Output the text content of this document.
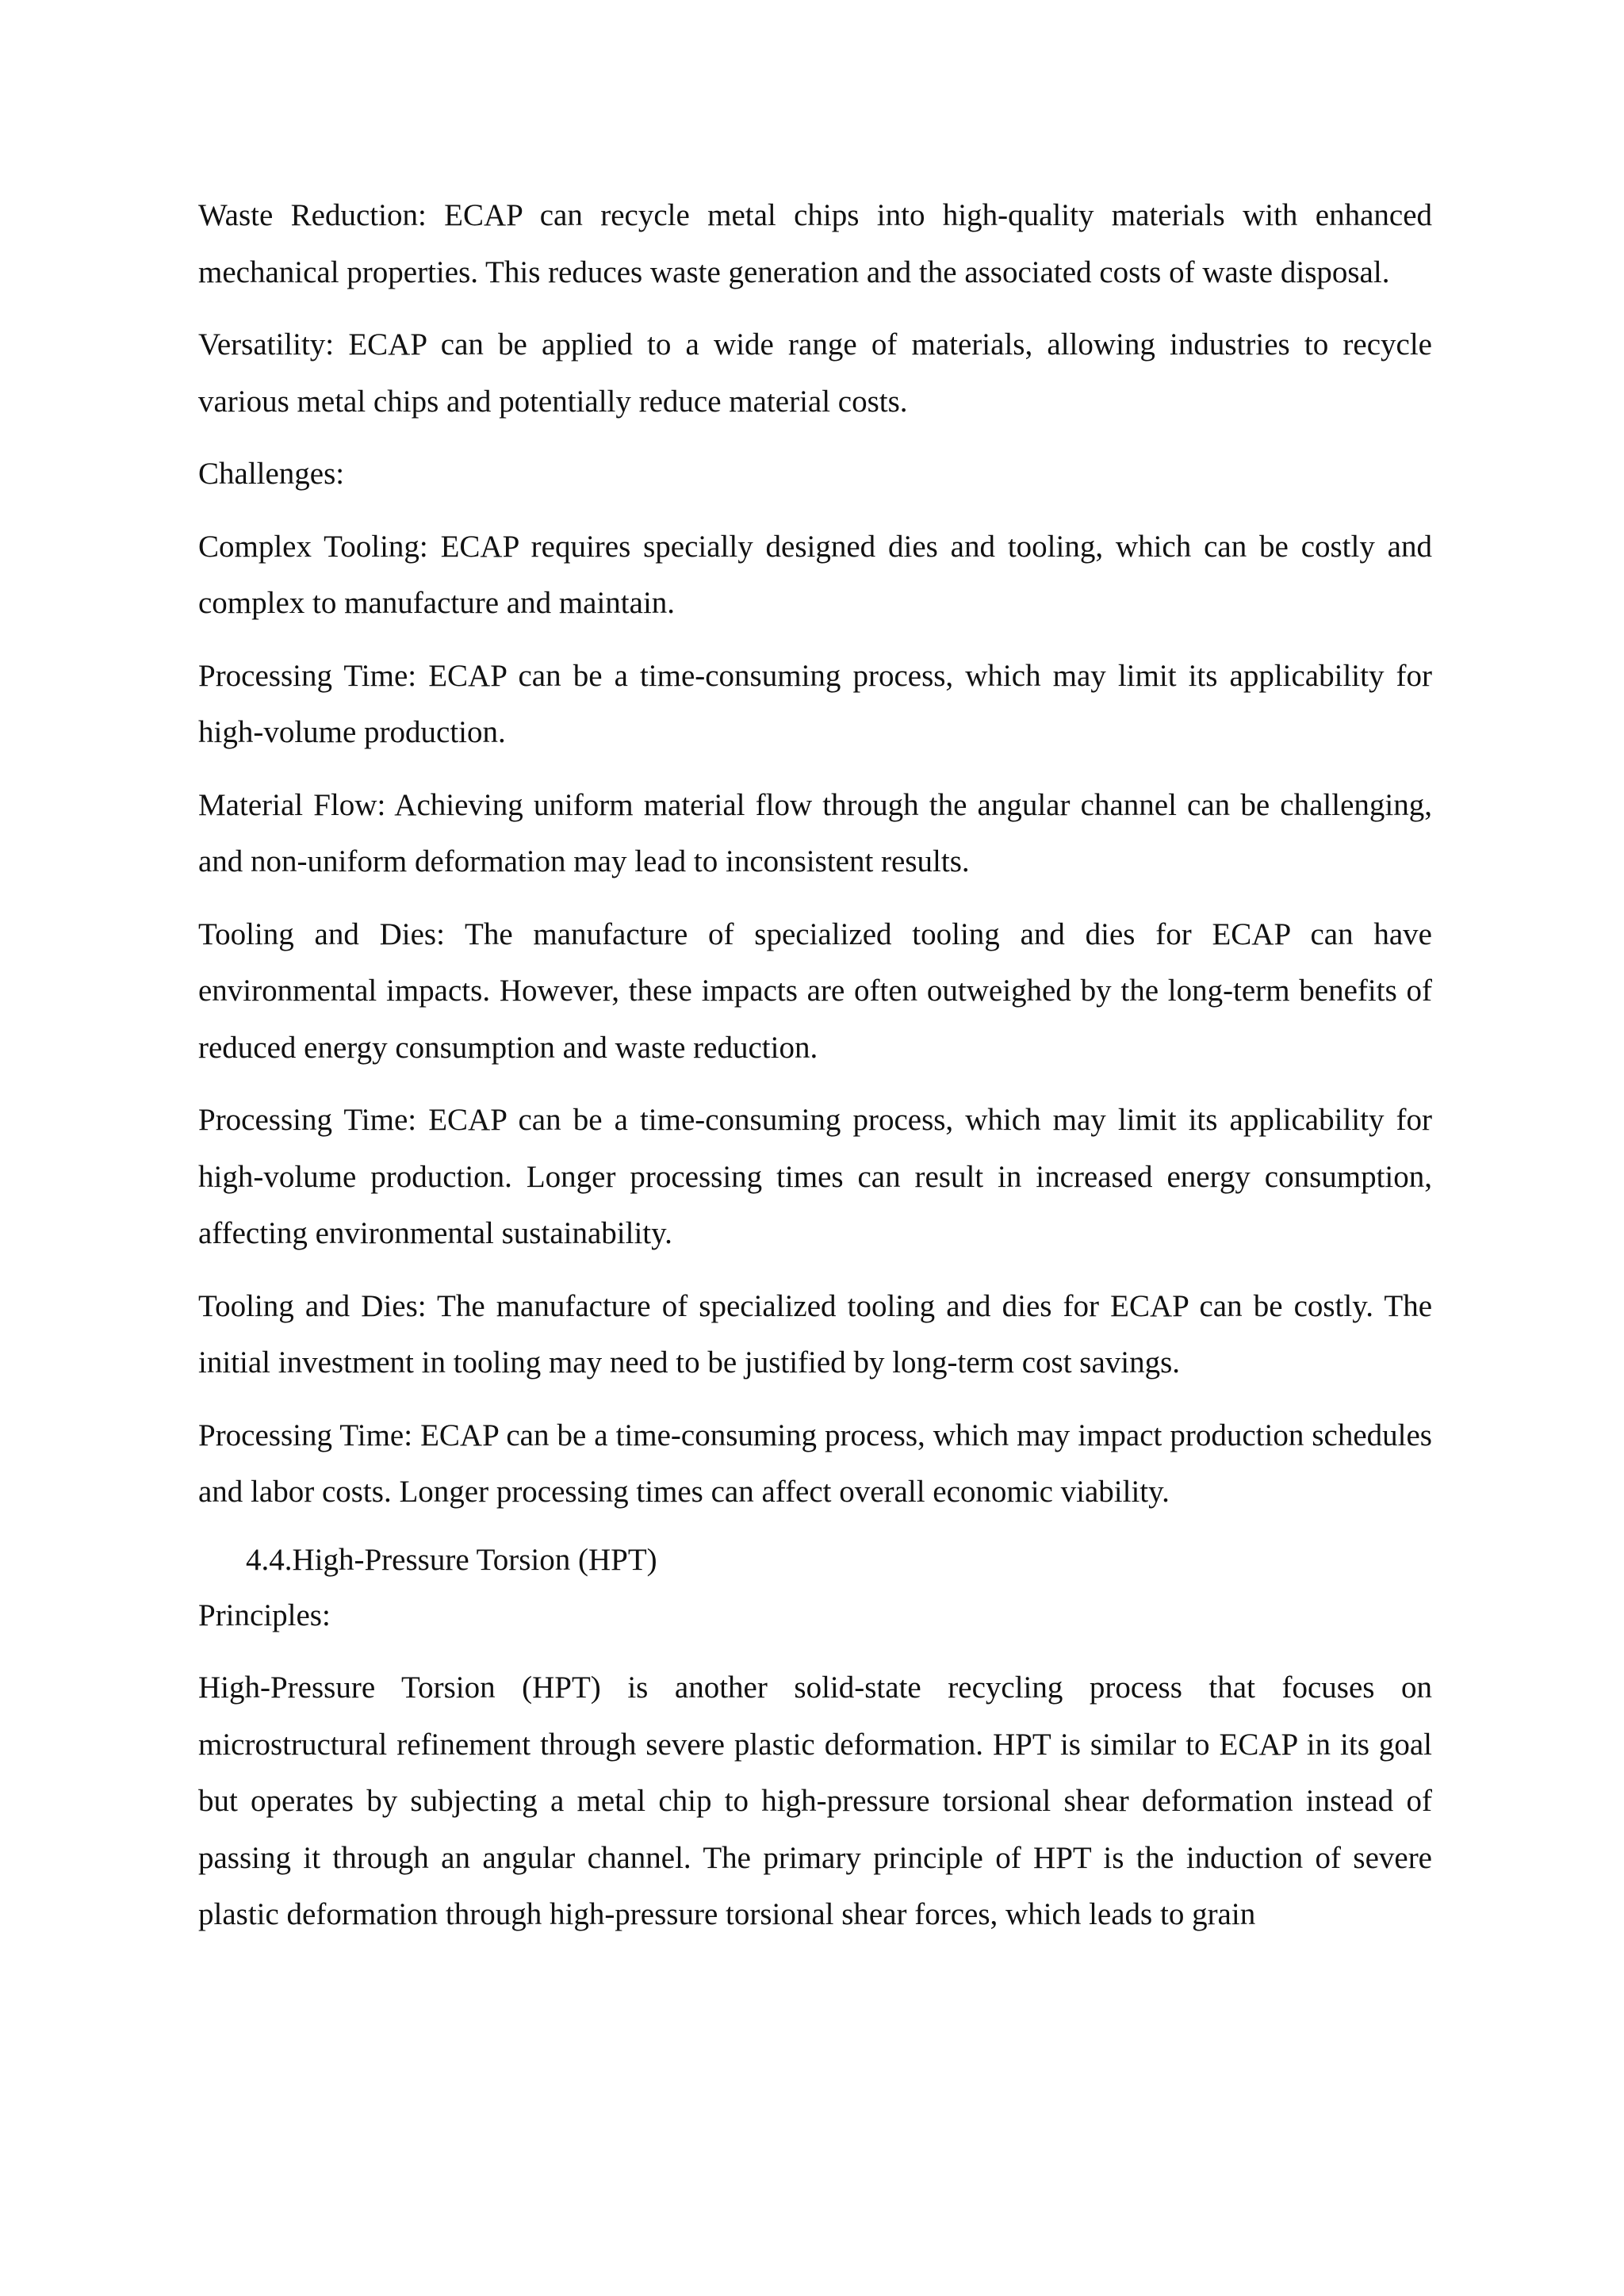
Waste Reduction: ECAP can recycle metal chips into high-quality materials with enhanced mechanical properties. This reduces waste generation and the associated costs of waste disposal.

Versatility: ECAP can be applied to a wide range of materials, allowing industries to recycle various metal chips and potentially reduce material costs.

Challenges:

Complex Tooling: ECAP requires specially designed dies and tooling, which can be costly and complex to manufacture and maintain.

Processing Time: ECAP can be a time-consuming process, which may limit its applicability for high-volume production.

Material Flow: Achieving uniform material flow through the angular channel can be challenging, and non-uniform deformation may lead to inconsistent results.

Tooling and Dies: The manufacture of specialized tooling and dies for ECAP can have environmental impacts. However, these impacts are often outweighed by the long-term benefits of reduced energy consumption and waste reduction.

Processing Time: ECAP can be a time-consuming process, which may limit its applicability for high-volume production. Longer processing times can result in increased energy consumption, affecting environmental sustainability.

Tooling and Dies: The manufacture of specialized tooling and dies for ECAP can be costly. The initial investment in tooling may need to be justified by long-term cost savings.

Processing Time: ECAP can be a time-consuming process, which may impact production schedules and labor costs. Longer processing times can affect overall economic viability.

4.4.High-Pressure Torsion (HPT)

Principles:

High-Pressure Torsion (HPT) is another solid-state recycling process that focuses on microstructural refinement through severe plastic deformation. HPT is similar to ECAP in its goal but operates by subjecting a metal chip to high-pressure torsional shear deformation instead of passing it through an angular channel. The primary principle of HPT is the induction of severe plastic deformation through high-pressure torsional shear forces, which leads to grain
